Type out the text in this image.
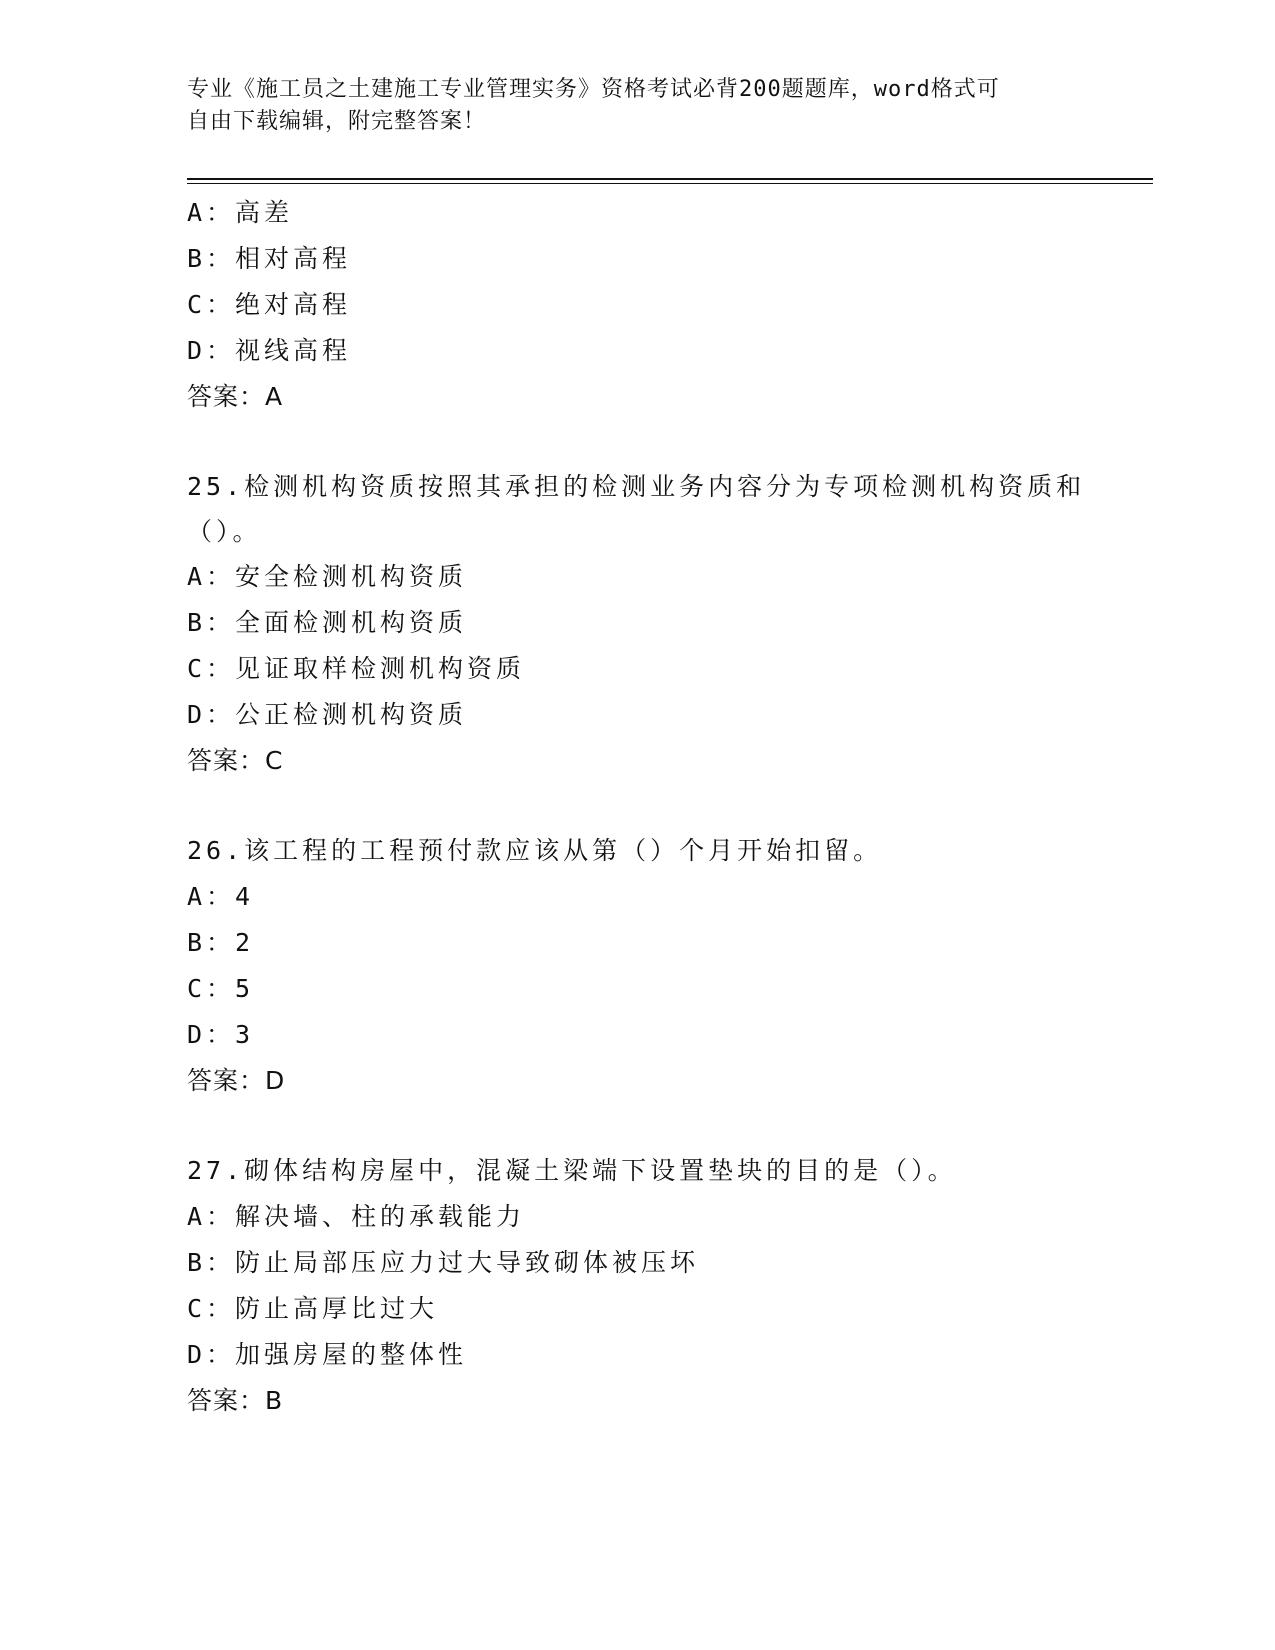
专业《施工员之土建施工专业管理实务》资格考试必背200题题库，word格式可
自由下载编辑，附完整答案！
A：高差
B：相对高程
C：绝对高程
D：视线高程
答案：A
25.检测机构资质按照其承担的检测业务内容分为专项检测机构资质和（）。
A：安全检测机构资质
B：全面检测机构资质
C：见证取样检测机构资质
D：公正检测机构资质
答案：C
26.该工程的工程预付款应该从第（）个月开始扣留。
A：4
B：2
C：5
D：3
答案：D
27.砌体结构房屋中，混凝土梁端下设置垫块的目的是（）。
A：解决墙、柱的承载能力
B：防止局部压应力过大导致砌体被压坏
C：防止高厚比过大
D：加强房屋的整体性
答案：B
